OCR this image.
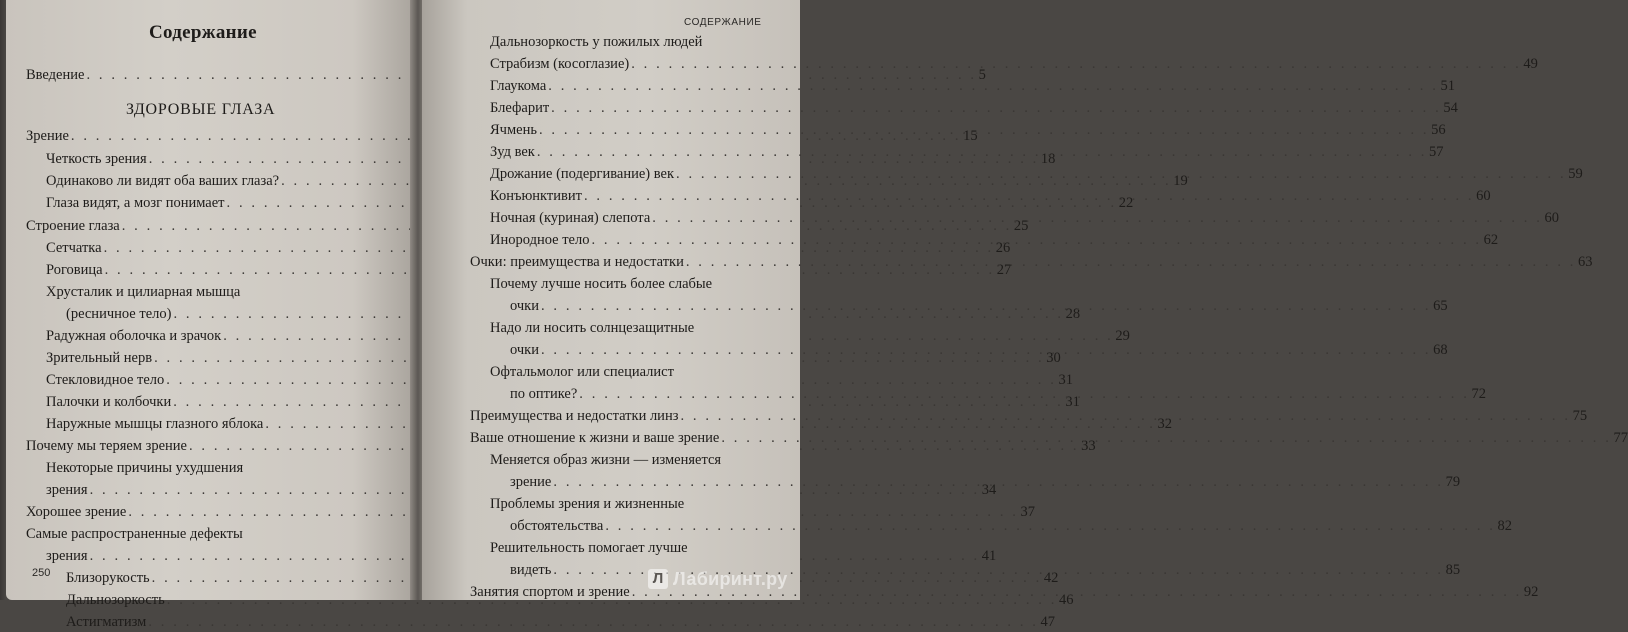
Содержание
Введение . . .	5
ЗДОРОВЫЕ ГЛАЗА
Зрение . . .	15
Четкость зрения . . .	18
Одинаково ли видят оба ваших глаза? . . .	19
Глаза видят, а мозг понимает . . .	22
Строение глаза . . .	25
Сетчатка . . .	26
Роговица . . .	27
Хрусталик и цилиарная мышца
(ресничное тело) . . .	28
Радужная оболочка и зрачок . . .	29
Зрительный нерв . . .	30
Стекловидное тело . . .	31
Палочки и колбочки . . .	31
Наружные мышцы глазного яблока . . .	32
Почему мы теряем зрение . . .	33
Некоторые причины ухудшения
зрения . . .	34
Хорошее зрение . . .	37
Самые распространенные дефекты
зрения . . .	41
Близорукость . . .	42
Дальнозоркость . . .	46
Астигматизм . . .	47
250
СОДЕРЖАНИЕ
Дальнозоркость у пожилых людей
Страбизм (косоглазие) . . .	49
Глаукома . . .	51
Блефарит . . .	54
Ячмень . . .	56
Зуд век . . .	57
Дрожание (подергивание) век . . .	59
Конъюнктивит . . .	60
Ночная (куриная) слепота . . .	60
Инородное тело . . .	62
Очки: преимущества и недостатки . . .	63
Почему лучше носить более слабые
очки . . .	65
Надо ли носить солнцезащитные
очки . . .	68
Офтальмолог или специалист
по оптике? . . .	72
Преимущества и недостатки линз . . .	75
Ваше отношение к жизни и ваше зрение . . .	77
Меняется образ жизни — изменяется
зрение . . .	79
Проблемы зрения и жизненные
обстоятельства . . .	82
Решительность помогает лучше
видеть . . .	85
Занятия спортом и зрение . . .	92
Л Лабиринт.ру
